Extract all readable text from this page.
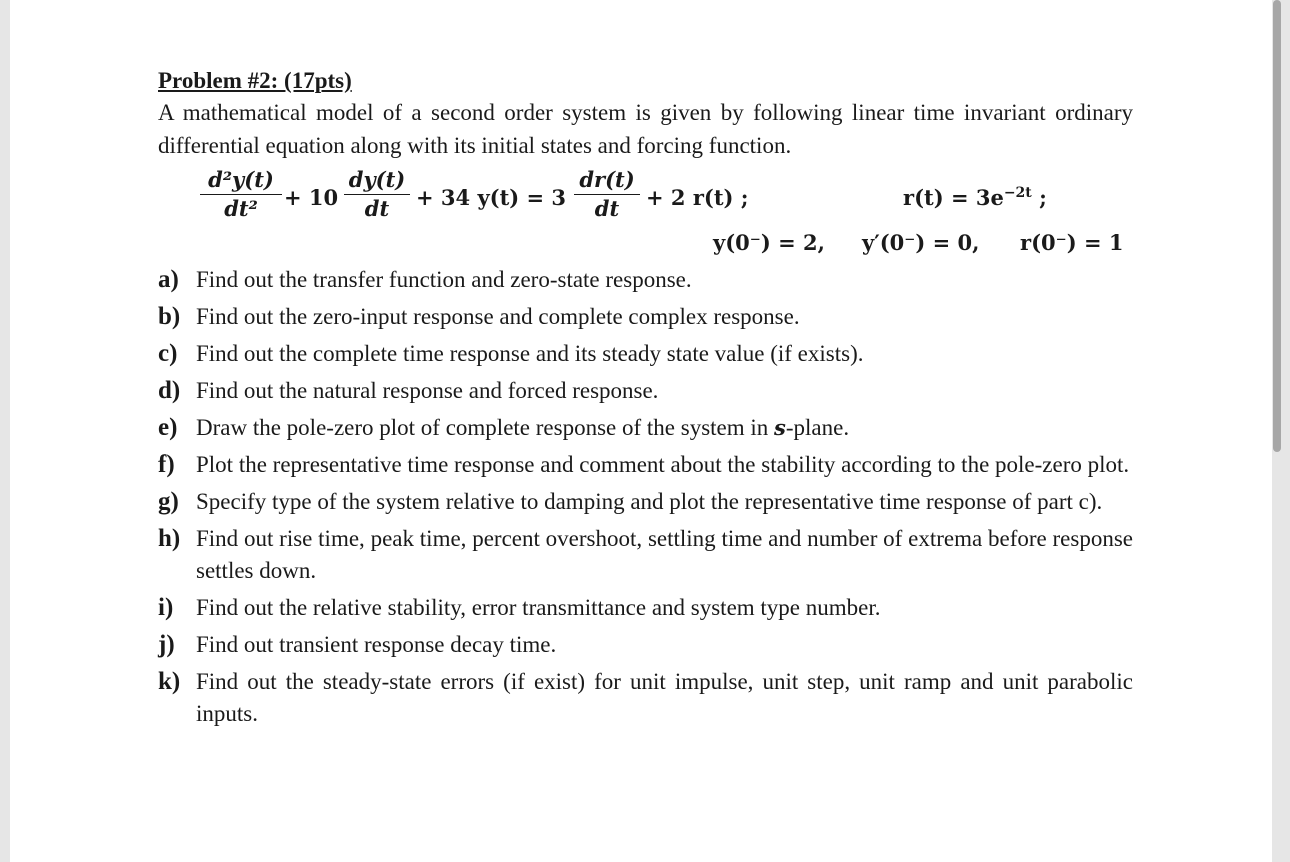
Problem #2: (17pts)
A mathematical model of a second order system is given by following linear time invariant ordinary differential equation along with its initial states and forcing function.
d²y(t)
dt²	+ 10
dy(t)
dt	+ 34 y(t) = 3
dr(t)
dt	+ 2 r(t) ;	$r(t) = 3e^{-2t}$ ;
y(0⁻) = 2, y′(0⁻) = 0, r(0⁻) = 1
a) Find out the transfer function and zero-state response.
b) Find out the zero-input response and complete complex response.
c) Find out the complete time response and its steady state value (if exists).
d) Find out the natural response and forced response.
e) Draw the pole-zero plot of complete response of the system in s-plane.
f) Plot the representative time response and comment about the stability according to the pole-zero plot.
g) Specify type of the system relative to damping and plot the representative time response of part c).
h) Find out rise time, peak time, percent overshoot, settling time and number of extrema before response settles down.
i) Find out the relative stability, error transmittance and system type number.
j) Find out transient response decay time.
k) Find out the steady-state errors (if exist) for unit impulse, unit step, unit ramp and unit parabolic inputs.
